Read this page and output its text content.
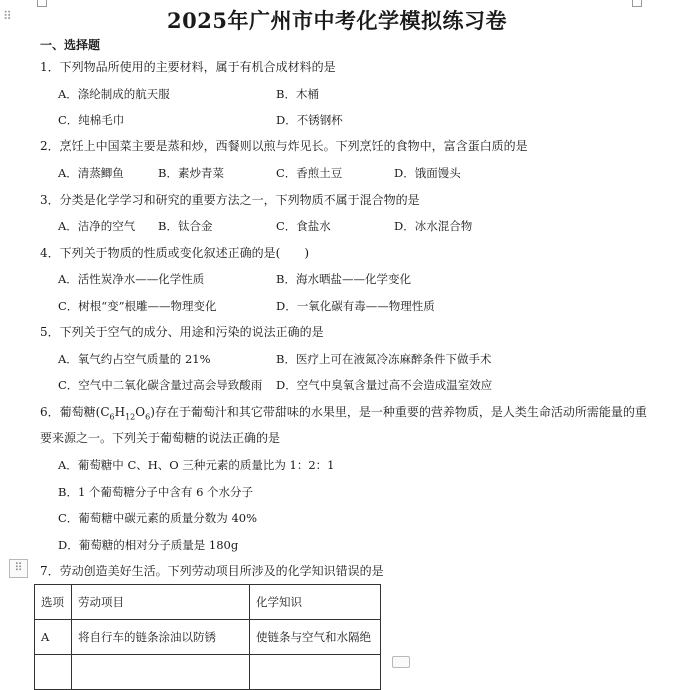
⠿	2025年广州市中考化学模拟练习卷
一、选择题
1．下列物品所使用的主要材料，属于有机合成材料的是
A．涤纶制成的航天服	B．木桶
C．纯棉毛巾	D．不锈钢杯
2．烹饪上中国菜主要是蒸和炒，西餐则以煎与炸见长。下列烹饪的食物中，富含蛋白质的是
A．清蒸鲫鱼	B．素炒青菜	C．香煎土豆	D．饿面馒头
3．分类是化学学习和研究的重要方法之一，下列物质不属于混合物的是
A．洁净的空气 B．钛合金	C．食盐水	D．冰水混合物
4．下列关于物质的性质或变化叙述正确的是(　　)
A．活性炭净水——化学性质	B．海水晒盐——化学变化
C．树根“变”根雕——物理变化	D．一氧化碳有毒——物理性质
5．下列关于空气的成分、用途和污染的说法正确的是
A．氧气约占空气质量的 21%	B．医疗上可在液氮冷冻麻醉条件下做手术
C．空气中二氧化碳含量过高会导致酸雨 D．空气中臭氧含量过高不会造成温室效应
6．葡萄糖$(C_6H_{12}O_6)$存在于葡萄汁和其它带甜味的水果里，是一种重要的营养物质，是人类生命活动所需能量的重
要来源之一。下列关于葡萄糖的说法正确的是
A．葡萄糖中 C、H、O 三种元素的质量比为 1：2：1
B．1 个葡萄糖分子中含有 6 个水分子
C．葡萄糖中碳元素的质量分数为 40%
D．葡萄糖的相对分子质量是 180g
⠿	7．劳动创造美好生活。下列劳动项目所涉及的化学知识错误的是
选项	劳动项目	化学知识
A	将自行车的链条涂油以防锈	使链条与空气和水隔绝
